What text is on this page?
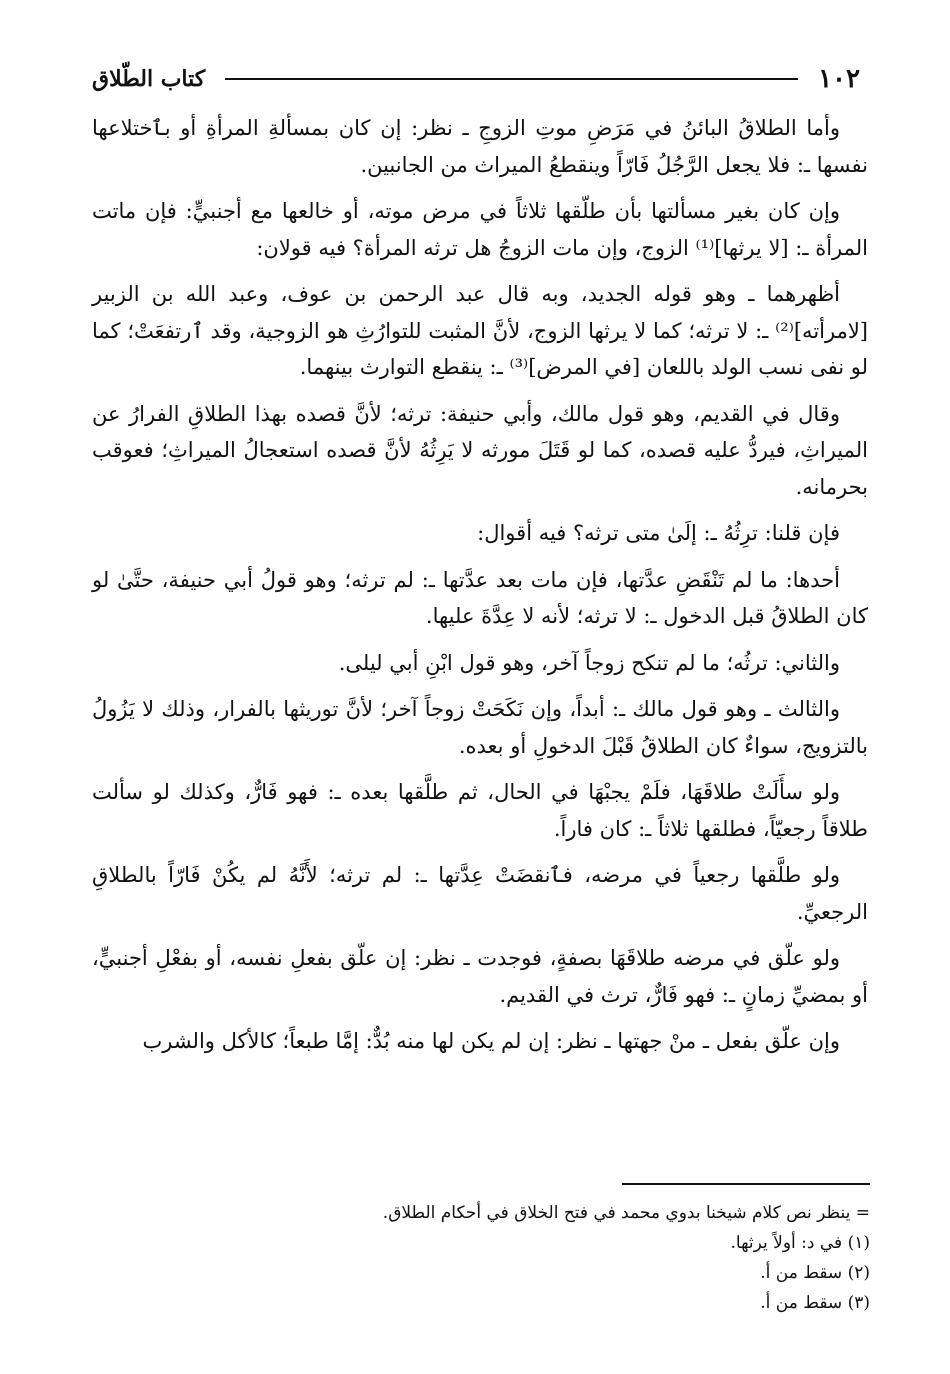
١٠٢
كتاب الطّلاق

وأما الطلاقُ البائنُ في مَرَضِ موتِ الزوجِ ـ نظر: إن كان بمسألةِ المرأةِ أو بٱختلاعها نفسها ـ: فلا يجعل الرَّجُلُ فَارّاً وينقطعُ الميراث من الجانبين.

وإن كان بغير مسألتها بأن طلّقها ثلاثاً في مرض موته، أو خالعها مع أجنبيٍّ: فإن ماتت المرأة ـ: [لا يرثها]⁽¹⁾ الزوج، وإن مات الزوجُ هل ترثه المرأة؟ فيه قولان:

أظهرهما ـ وهو قوله الجديد، وبه قال عبد الرحمن بن عوف، وعبد الله بن الزبير [لامرأته]⁽²⁾ ـ: لا ترثه؛ كما لا يرثها الزوج، لأنَّ المثبت للتوارُثِ هو الزوجية، وقد ٱرتفعَتْ؛ كما لو نفى نسب الولد باللعان [في المرض]⁽³⁾ ـ: ينقطع التوارث بينهما.

وقال في القديم، وهو قول مالك، وأبي حنيفة: ترثه؛ لأنَّ قصده بهذا الطلاقِ الفرارُ عن الميراثِ، فيردُّ عليه قصده، كما لو قَتَلَ مورثه لا يَرِثُهُ لأنَّ قصده استعجالُ الميراثِ؛ فعوقب بحرمانه.

فإن قلنا: ترِثُهُ ـ: إلَىٰ متى ترثه؟ فيه أقوال:

أحدها: ما لم تَنْقَضِ عدَّتها، فإن مات بعد عدَّتها ـ: لم ترثه؛ وهو قولُ أبي حنيفة، حتَّىٰ لو كان الطلاقُ قبل الدخول ـ: لا ترثه؛ لأنه لا عِدَّةَ عليها.

والثاني: ترثُه؛ ما لم تنكح زوجاً آخر، وهو قول ابْنِ أبي ليلى.

والثالث ـ وهو قول مالك ـ: أبداً، وإن نَكَحَتْ زوجاً آخر؛ لأنَّ توريثها بالفرار، وذلك لا يَزُولُ بالتزويج، سواءٌ كان الطلاقُ قَبْلَ الدخولِ أو بعده.

ولو سأَلَتْ طلاقَهَا، فلَمْ يجبْهَا في الحال، ثم طلَّقها بعده ـ: فهو فَارٌّ، وكذلك لو سألت طلاقاً رجعيّاً، فطلقها ثلاثاً ـ: كان فاراً.

ولو طلَّقها رجعياً في مرضه، فٱنقضَتْ عِدَّتها ـ: لم ترثه؛ لأَنَّهُ لم يكُنْ فَارّاً بالطلاقِ الرجعيِّ.

ولو علّق في مرضه طلاقَهَا بصفةٍ، فوجدت ـ نظر: إن علّق بفعلِ نفسه، أو بفعْلِ أجنبيٍّ، أو بمضيِّ زمانٍ ـ: فهو فَارٌّ، ترث في القديم.

وإن علّق بفعل ـ منْ جهتها ـ نظر: إن لم يكن لها منه بُدٌّ: إمَّا طبعاً؛ كالأكل والشرب

= ينظر نص كلام شيخنا بدوي محمد في فتح الخلاق في أحكام الطلاق.

(١) في د: أولاً يرثها.

(٢) سقط من أ.

(٣) سقط من أ.
